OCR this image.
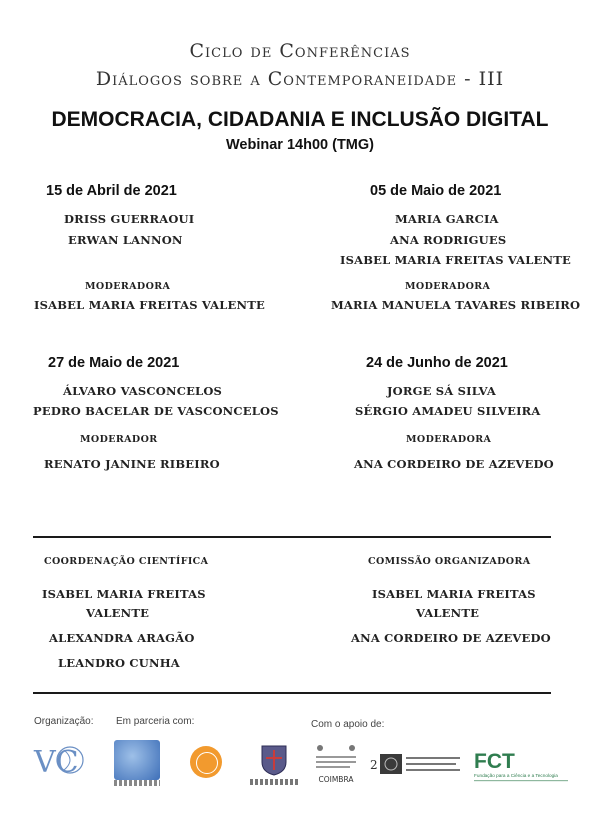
Ciclo de Conferências
Diálogos sobre a Contemporaneidade - III
DEMOCRACIA, CIDADANIA E INCLUSÃO DIGITAL
Webinar 14h00 (TMG)
15 de Abril de 2021
DRISS GUERRAOUI
ERWAN LANNON
MODERADORA
ISABEL MARIA FREITAS VALENTE
05 de Maio de 2021
MARIA GARCIA
ANA RODRIGUES
ISABEL MARIA FREITAS VALENTE
MODERADORA
MARIA MANUELA TAVARES RIBEIRO
27 de Maio de 2021
ÁLVARO VASCONCELOS
PEDRO BACELAR DE VASCONCELOS
MODERADOR
RENATO JANINE RIBEIRO
24 de Junho de 2021
JORGE SÁ SILVA
SÉRGIO AMADEU SILVEIRA
MODERADORA
ANA CORDEIRO DE AZEVEDO
COORDENAÇÃO CIENTÍFICA
ISABEL MARIA FREITAS
VALENTE
ALEXANDRA ARAGÃO
LEANDRO CUNHA
COMISSÃO ORGANIZADORA
ISABEL MARIA FREITAS
VALENTE
ANA CORDEIRO DE AZEVEDO
Organização: Em parceria com:	Com o apoio de:
VC	COIMBRA
2	FCT
Fundação para a Ciência e a Tecnologia
